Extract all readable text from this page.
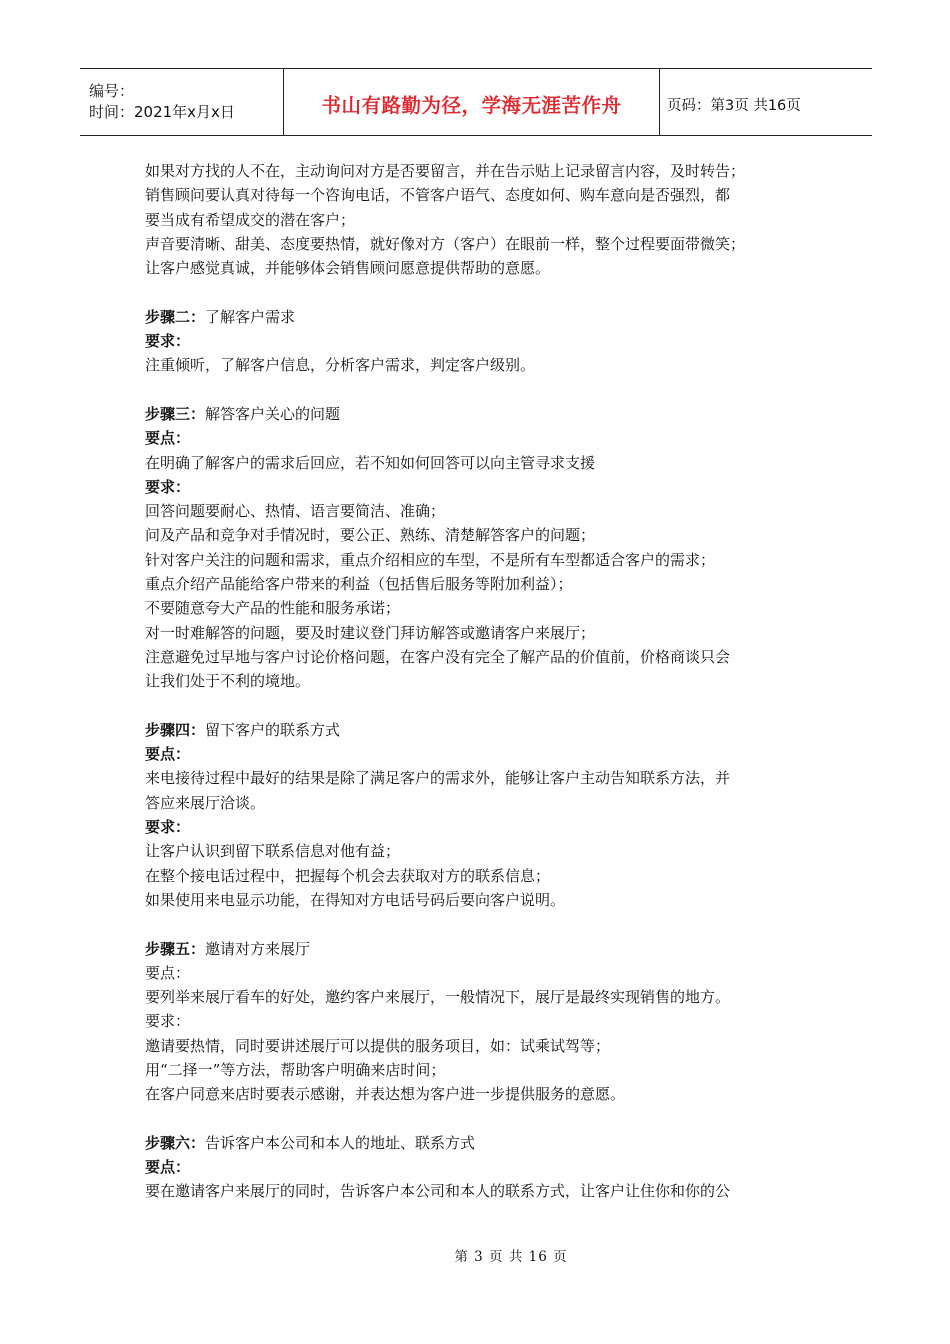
编号：
时间：2021年x月x日	书山有路勤为径，学海无涯苦作舟	页码：第3页 共16页
如果对方找的人不在，主动询问对方是否要留言，并在告示贴上记录留言内容，及时转告；
销售顾问要认真对待每一个咨询电话，不管客户语气、态度如何、购车意向是否强烈，都
要当成有希望成交的潜在客户；
声音要清晰、甜美、态度要热情，就好像对方（客户）在眼前一样，整个过程要面带微笑；
让客户感觉真诚，并能够体会销售顾问愿意提供帮助的意愿。
步骤二：了解客户需求
要求：
注重倾听，了解客户信息，分析客户需求，判定客户级别。
步骤三：解答客户关心的问题
要点：
在明确了解客户的需求后回应，若不知如何回答可以向主管寻求支援
要求：
回答问题要耐心、热情、语言要简洁、准确；
问及产品和竞争对手情况时，要公正、熟练、清楚解答客户的问题；
针对客户关注的问题和需求，重点介绍相应的车型，不是所有车型都适合客户的需求；
重点介绍产品能给客户带来的利益（包括售后服务等附加利益）；
不要随意夸大产品的性能和服务承诺；
对一时难解答的问题，要及时建议登门拜访解答或邀请客户来展厅；
注意避免过早地与客户讨论价格问题，在客户没有完全了解产品的价值前，价格商谈只会
让我们处于不利的境地。
步骤四：留下客户的联系方式
要点：
来电接待过程中最好的结果是除了满足客户的需求外，能够让客户主动告知联系方法，并
答应来展厅洽谈。
要求：
让客户认识到留下联系信息对他有益；
在整个接电话过程中，把握每个机会去获取对方的联系信息；
如果使用来电显示功能，在得知对方电话号码后要向客户说明。
步骤五：邀请对方来展厅
要点：
要列举来展厅看车的好处，邀约客户来展厅，一般情况下，展厅是最终实现销售的地方。
要求：
邀请要热情，同时要讲述展厅可以提供的服务项目，如：试乘试驾等；
用“二择一”等方法，帮助客户明确来店时间；
在客户同意来店时要表示感谢，并表达想为客户进一步提供服务的意愿。
步骤六：告诉客户本公司和本人的地址、联系方式
要点：
要在邀请客户来展厅的同时，告诉客户本公司和本人的联系方式，让客户让住你和你的公
第 3 页 共 16 页
